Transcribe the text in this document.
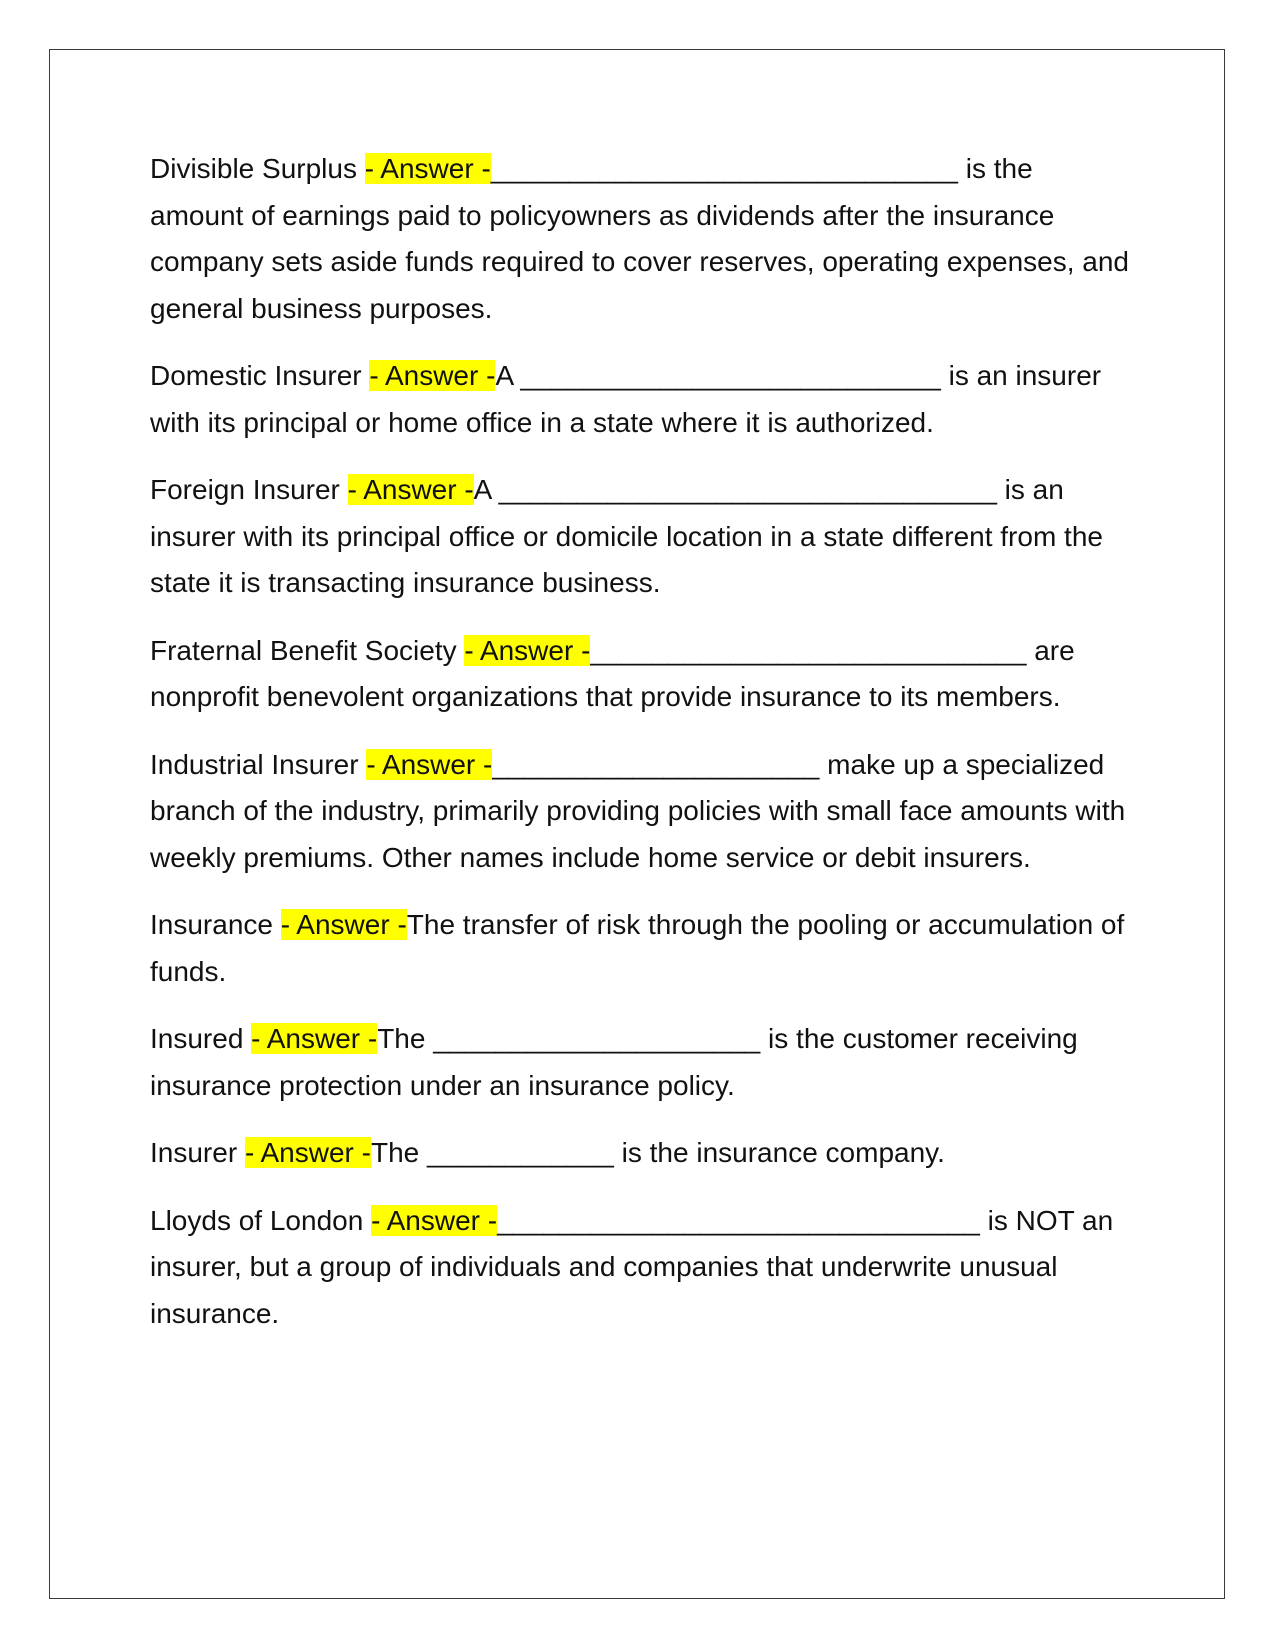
Divisible Surplus - Answer -______________________________ is the amount of earnings paid to policyowners as dividends after the insurance company sets aside funds required to cover reserves, operating expenses, and general business purposes.

Domestic Insurer - Answer -A ___________________________ is an insurer with its principal or home office in a state where it is authorized.

Foreign Insurer - Answer -A ________________________________ is an insurer with its principal office or domicile location in a state different from the state it is transacting insurance business.

Fraternal Benefit Society - Answer -____________________________ are nonprofit benevolent organizations that provide insurance to its members.

Industrial Insurer - Answer -_____________________ make up a specialized branch of the industry, primarily providing policies with small face amounts with weekly premiums. Other names include home service or debit insurers.

Insurance - Answer -The transfer of risk through the pooling or accumulation of funds.

Insured - Answer -The _____________________ is the customer receiving insurance protection under an insurance policy.

Insurer - Answer -The ____________ is the insurance company.

Lloyds of London - Answer -_______________________________ is NOT an insurer, but a group of individuals and companies that underwrite unusual insurance.
